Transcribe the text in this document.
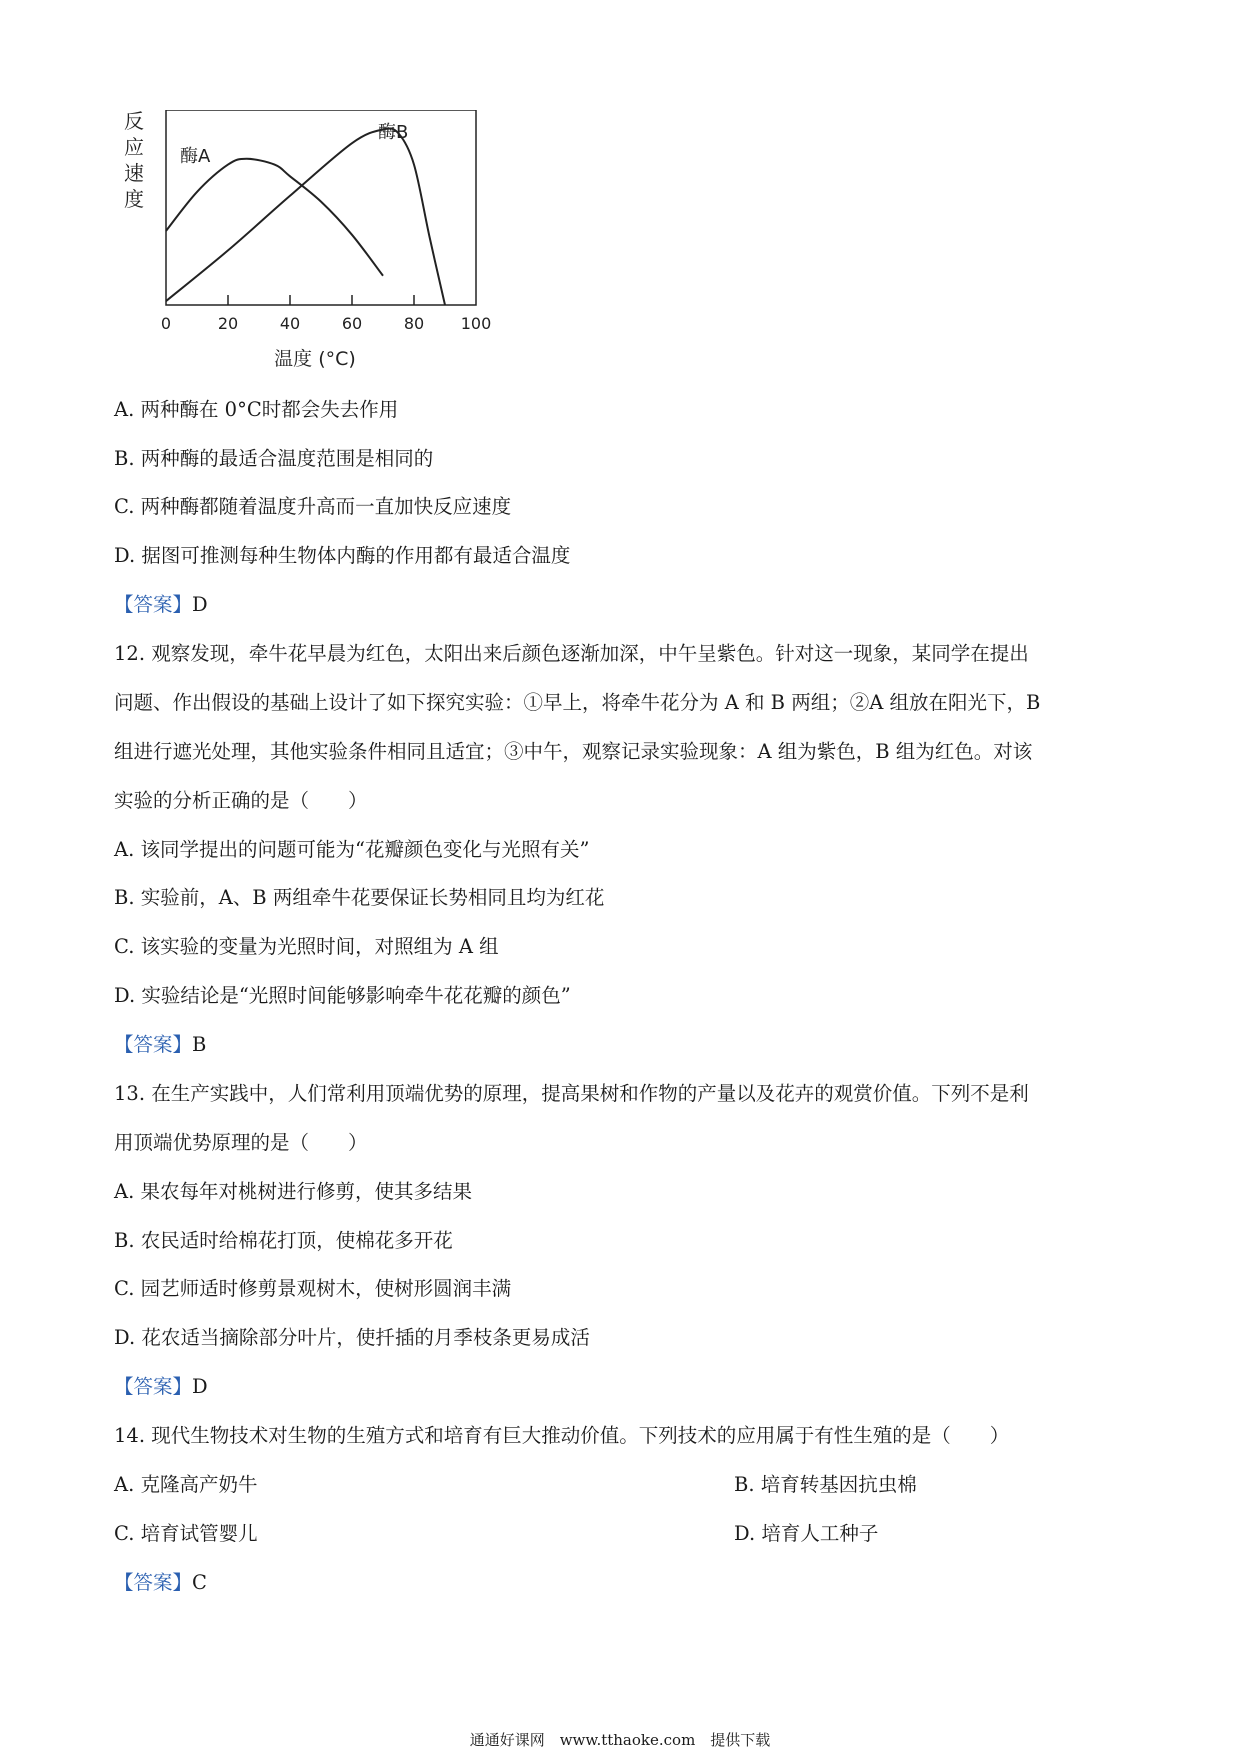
反
应
速
度
0	20	40	60	80 100
酶A
酶B
温度 (°C)
A. 两种酶在 0°C时都会失去作用
B. 两种酶的最适合温度范围是相同的
C. 两种酶都随着温度升高而一直加快反应速度
D. 据图可推测每种生物体内酶的作用都有最适合温度
【答案】D
12. 观察发现，牵牛花早晨为红色，太阳出来后颜色逐渐加深，中午呈紫色。针对这一现象，某同学在提出
问题、作出假设的基础上设计了如下探究实验：①早上，将牵牛花分为 A 和 B 两组；②A 组放在阳光下，B
组进行遮光处理，其他实验条件相同且适宜；③中午，观察记录实验现象：A 组为紫色，B 组为红色。对该
实验的分析正确的是（　　）
A. 该同学提出的问题可能为“花瓣颜色变化与光照有关”
B. 实验前，A、B 两组牵牛花要保证长势相同且均为红花
C. 该实验的变量为光照时间，对照组为 A 组
D. 实验结论是“光照时间能够影响牵牛花花瓣的颜色”
【答案】B
13. 在生产实践中，人们常利用顶端优势的原理，提高果树和作物的产量以及花卉的观赏价值。下列不是利
用顶端优势原理的是（　　）
A. 果农每年对桃树进行修剪，使其多结果
B. 农民适时给棉花打顶，使棉花多开花
C. 园艺师适时修剪景观树木，使树形圆润丰满
D. 花农适当摘除部分叶片，使扦插的月季枝条更易成活
【答案】D
14. 现代生物技术对生物的生殖方式和培育有巨大推动价值。下列技术的应用属于有性生殖的是（　　）
A. 克隆高产奶牛	B. 培育转基因抗虫棉
C. 培育试管婴儿	D. 培育人工种子
【答案】C
通通好课网　www.tthaoke.com　提供下载
